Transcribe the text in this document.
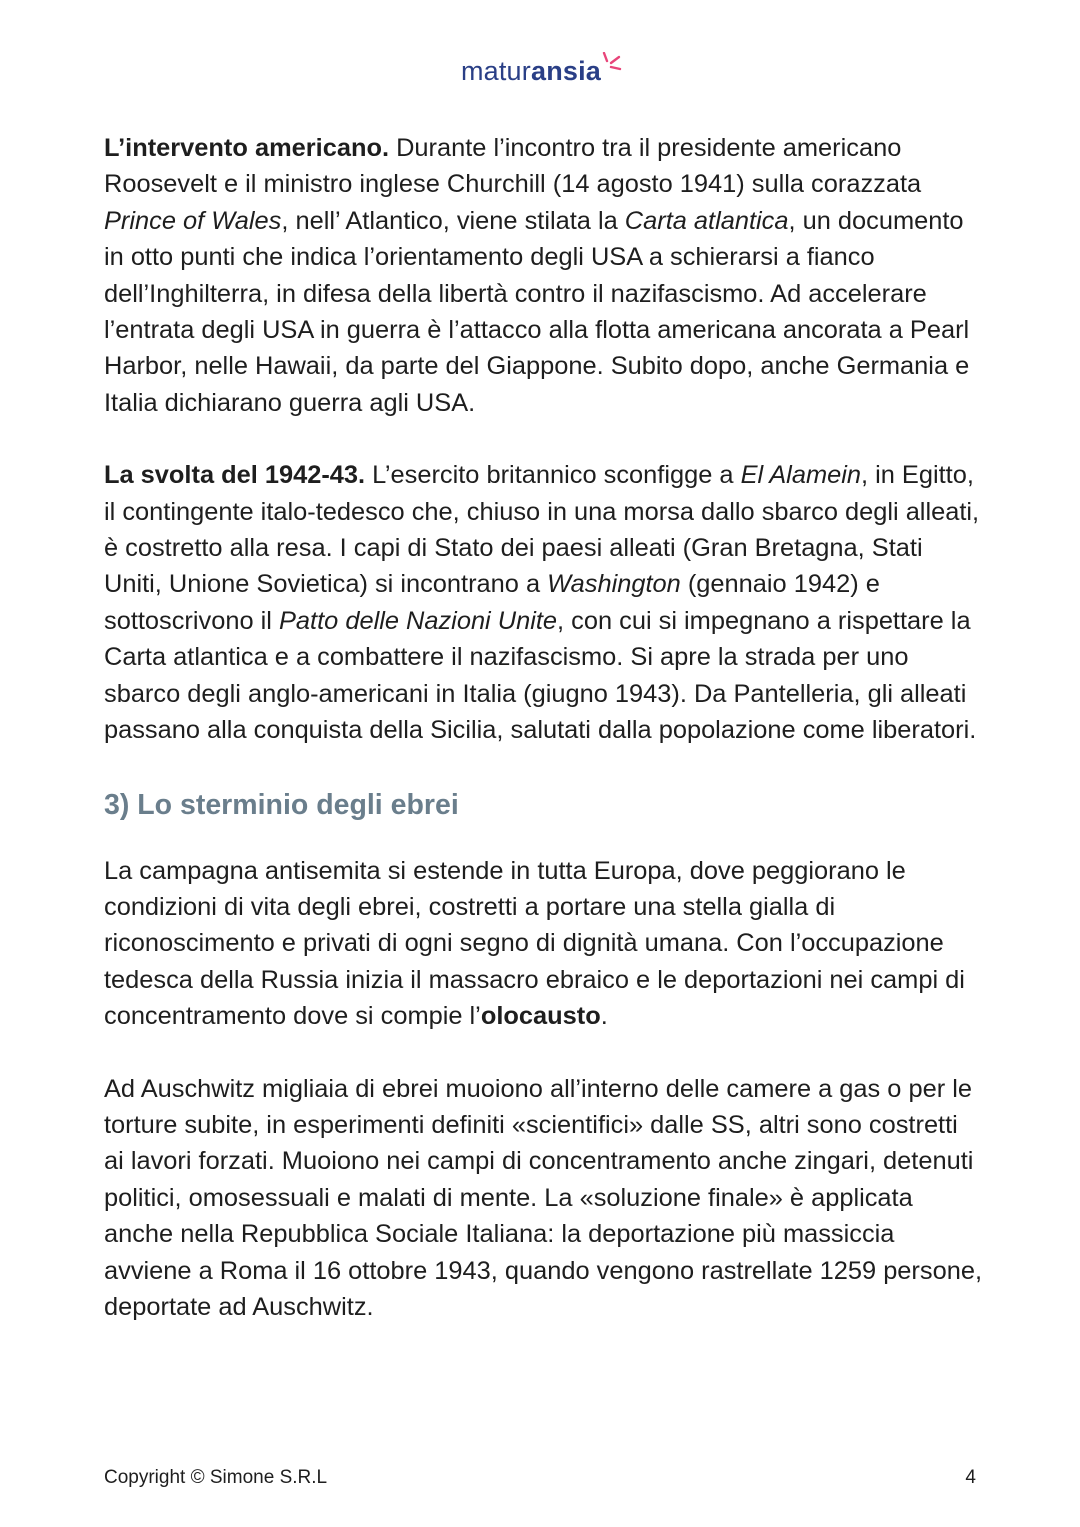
maturansia

L’intervento americano. Durante l’incontro tra il presidente americano Roosevelt e il ministro inglese Churchill (14 agosto 1941) sulla corazzata Prince of Wales, nell’ Atlantico, viene stilata la Carta atlantica, un documento in otto punti che indica l’orientamento degli USA a schierarsi a fianco dell’Inghilterra, in difesa della libertà contro il nazifascismo. Ad accelerare l’entrata degli USA in guerra è l’attacco alla flotta americana ancorata a Pearl Harbor, nelle Hawaii, da parte del Giappone. Subito dopo, anche Germania e Italia dichiarano guerra agli USA.

La svolta del 1942-43. L’esercito britannico sconfigge a El Alamein, in Egitto, il contingente italo-tedesco che, chiuso in una morsa dallo sbarco degli alleati, è costretto alla resa. I capi di Stato dei paesi alleati (Gran Bretagna, Stati Uniti, Unione Sovietica) si incontrano a Washington (gennaio 1942) e sottoscrivono il Patto delle Nazioni Unite, con cui si impegnano a rispettare la Carta atlantica e a combattere il nazifascismo. Si apre la strada per uno sbarco degli anglo-americani in Italia (giugno 1943). Da Pantelleria, gli alleati passano alla conquista della Sicilia, salutati dalla popolazione come liberatori.

3) Lo sterminio degli ebrei

La campagna antisemita si estende in tutta Europa, dove peggiorano le condizioni di vita degli ebrei, costretti a portare una stella gialla di riconoscimento e privati di ogni segno di dignità umana. Con l’occupazione tedesca della Russia inizia il massacro ebraico e le deportazioni nei campi di concentramento dove si compie l’olocausto.

Ad Auschwitz migliaia di ebrei muoiono all’interno delle camere a gas o per le torture subite, in esperimenti definiti «scientifici» dalle SS, altri sono costretti ai lavori forzati. Muoiono nei campi di concentramento anche zingari, detenuti politici, omosessuali e malati di mente. La «soluzione finale» è applicata anche nella Repubblica Sociale Italiana: la deportazione più massiccia avviene a Roma il 16 ottobre 1943, quando vengono rastrellate 1259 persone, deportate ad Auschwitz.

Copyright © Simone S.R.L	4
